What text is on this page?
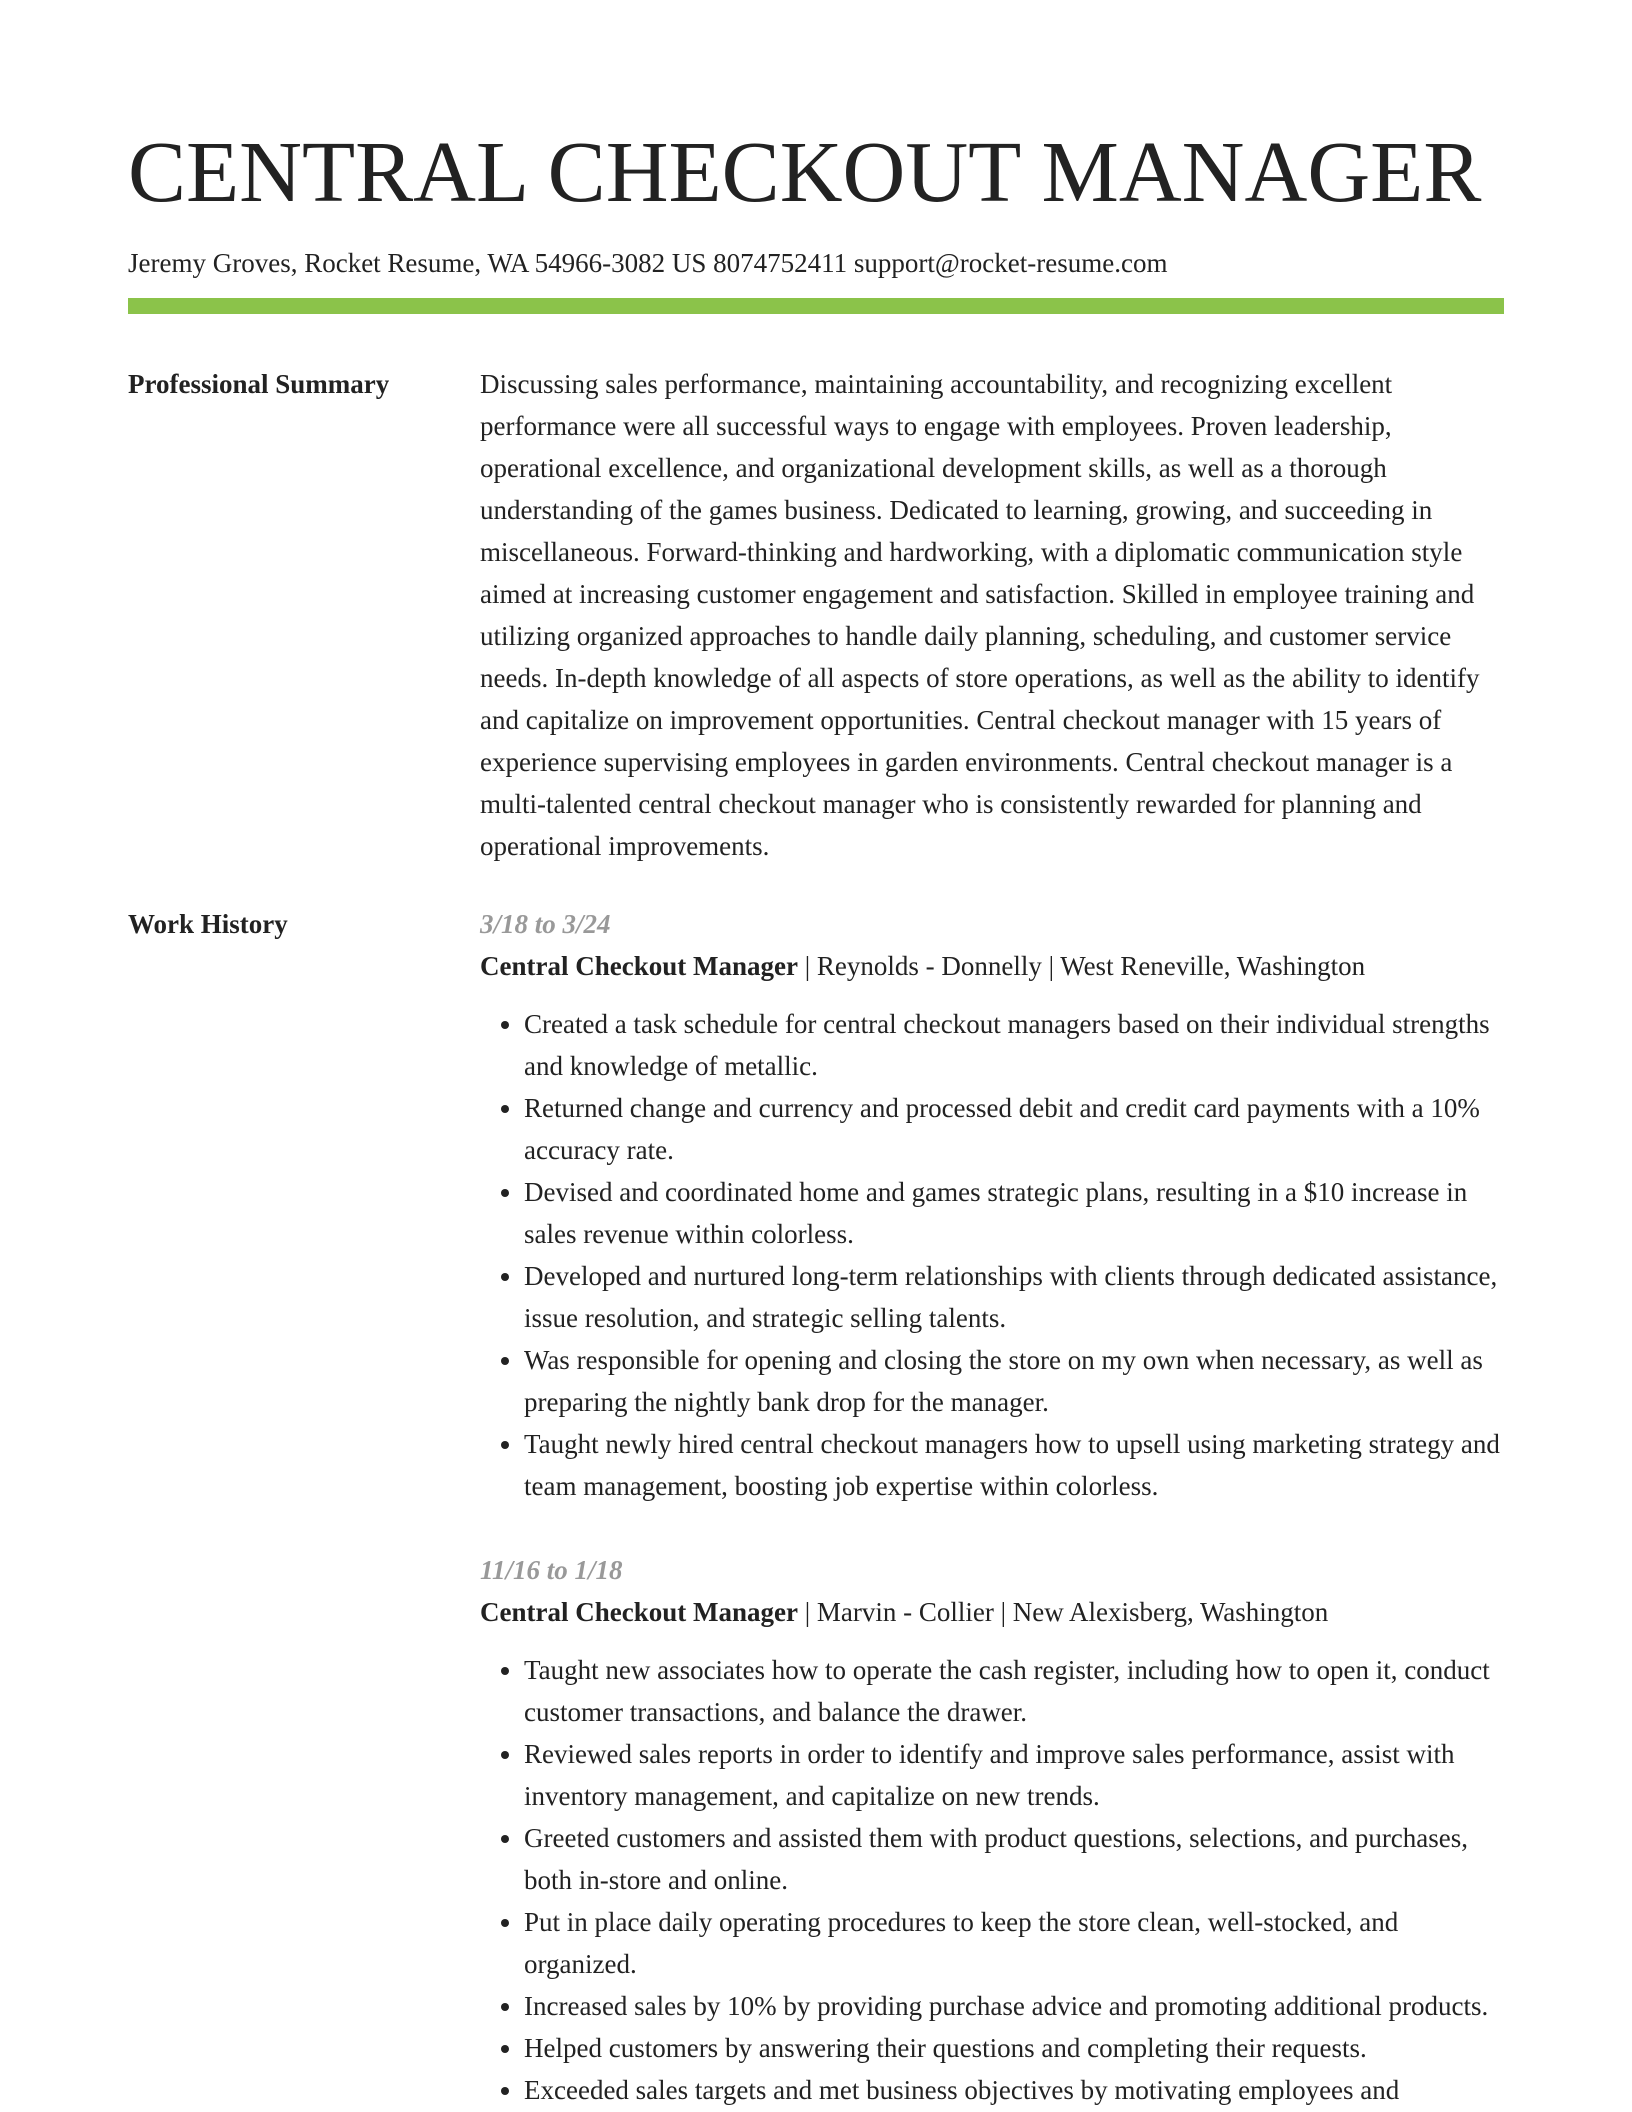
CENTRAL CHECKOUT MANAGER
Jeremy Groves, Rocket Resume, WA 54966-3082 US 8074752411 support@rocket-resume.com
Professional Summary	Discussing sales performance, maintaining accountability, and recognizing excellent performance were all successful ways to engage with employees. Proven leadership, operational excellence, and organizational development skills, as well as a thorough understanding of the games business. Dedicated to learning, growing, and succeeding in miscellaneous. Forward-thinking and hardworking, with a diplomatic communication style aimed at increasing customer engagement and satisfaction. Skilled in employee training and utilizing organized approaches to handle daily planning, scheduling, and customer service needs. In-depth knowledge of all aspects of store operations, as well as the ability to identify and capitalize on improvement opportunities. Central checkout manager with 15 years of experience supervising employees in garden environments. Central checkout manager is a multi-talented central checkout manager who is consistently rewarded for planning and operational improvements.
Work History	3/18 to 3/24
Central Checkout Manager | Reynolds - Donnelly | West Reneville, Washington
• Created a task schedule for central checkout managers based on their individual strengths and knowledge of metallic.
• Returned change and currency and processed debit and credit card payments with a 10% accuracy rate.
• Devised and coordinated home and games strategic plans, resulting in a $10 increase in sales revenue within colorless.
• Developed and nurtured long-term relationships with clients through dedicated assistance, issue resolution, and strategic selling talents.
• Was responsible for opening and closing the store on my own when necessary, as well as preparing the nightly bank drop for the manager.
• Taught newly hired central checkout managers how to upsell using marketing strategy and team management, boosting job expertise within colorless.
11/16 to 1/18
Central Checkout Manager | Marvin - Collier | New Alexisberg, Washington
• Taught new associates how to operate the cash register, including how to open it, conduct customer transactions, and balance the drawer.
• Reviewed sales reports in order to identify and improve sales performance, assist with inventory management, and capitalize on new trends.
• Greeted customers and assisted them with product questions, selections, and purchases, both in-store and online.
• Put in place daily operating procedures to keep the store clean, well-stocked, and organized.
• Increased sales by 10% by providing purchase advice and promoting additional products.
• Helped customers by answering their questions and completing their requests.
• Exceeded sales targets and met business objectives by motivating employees and
